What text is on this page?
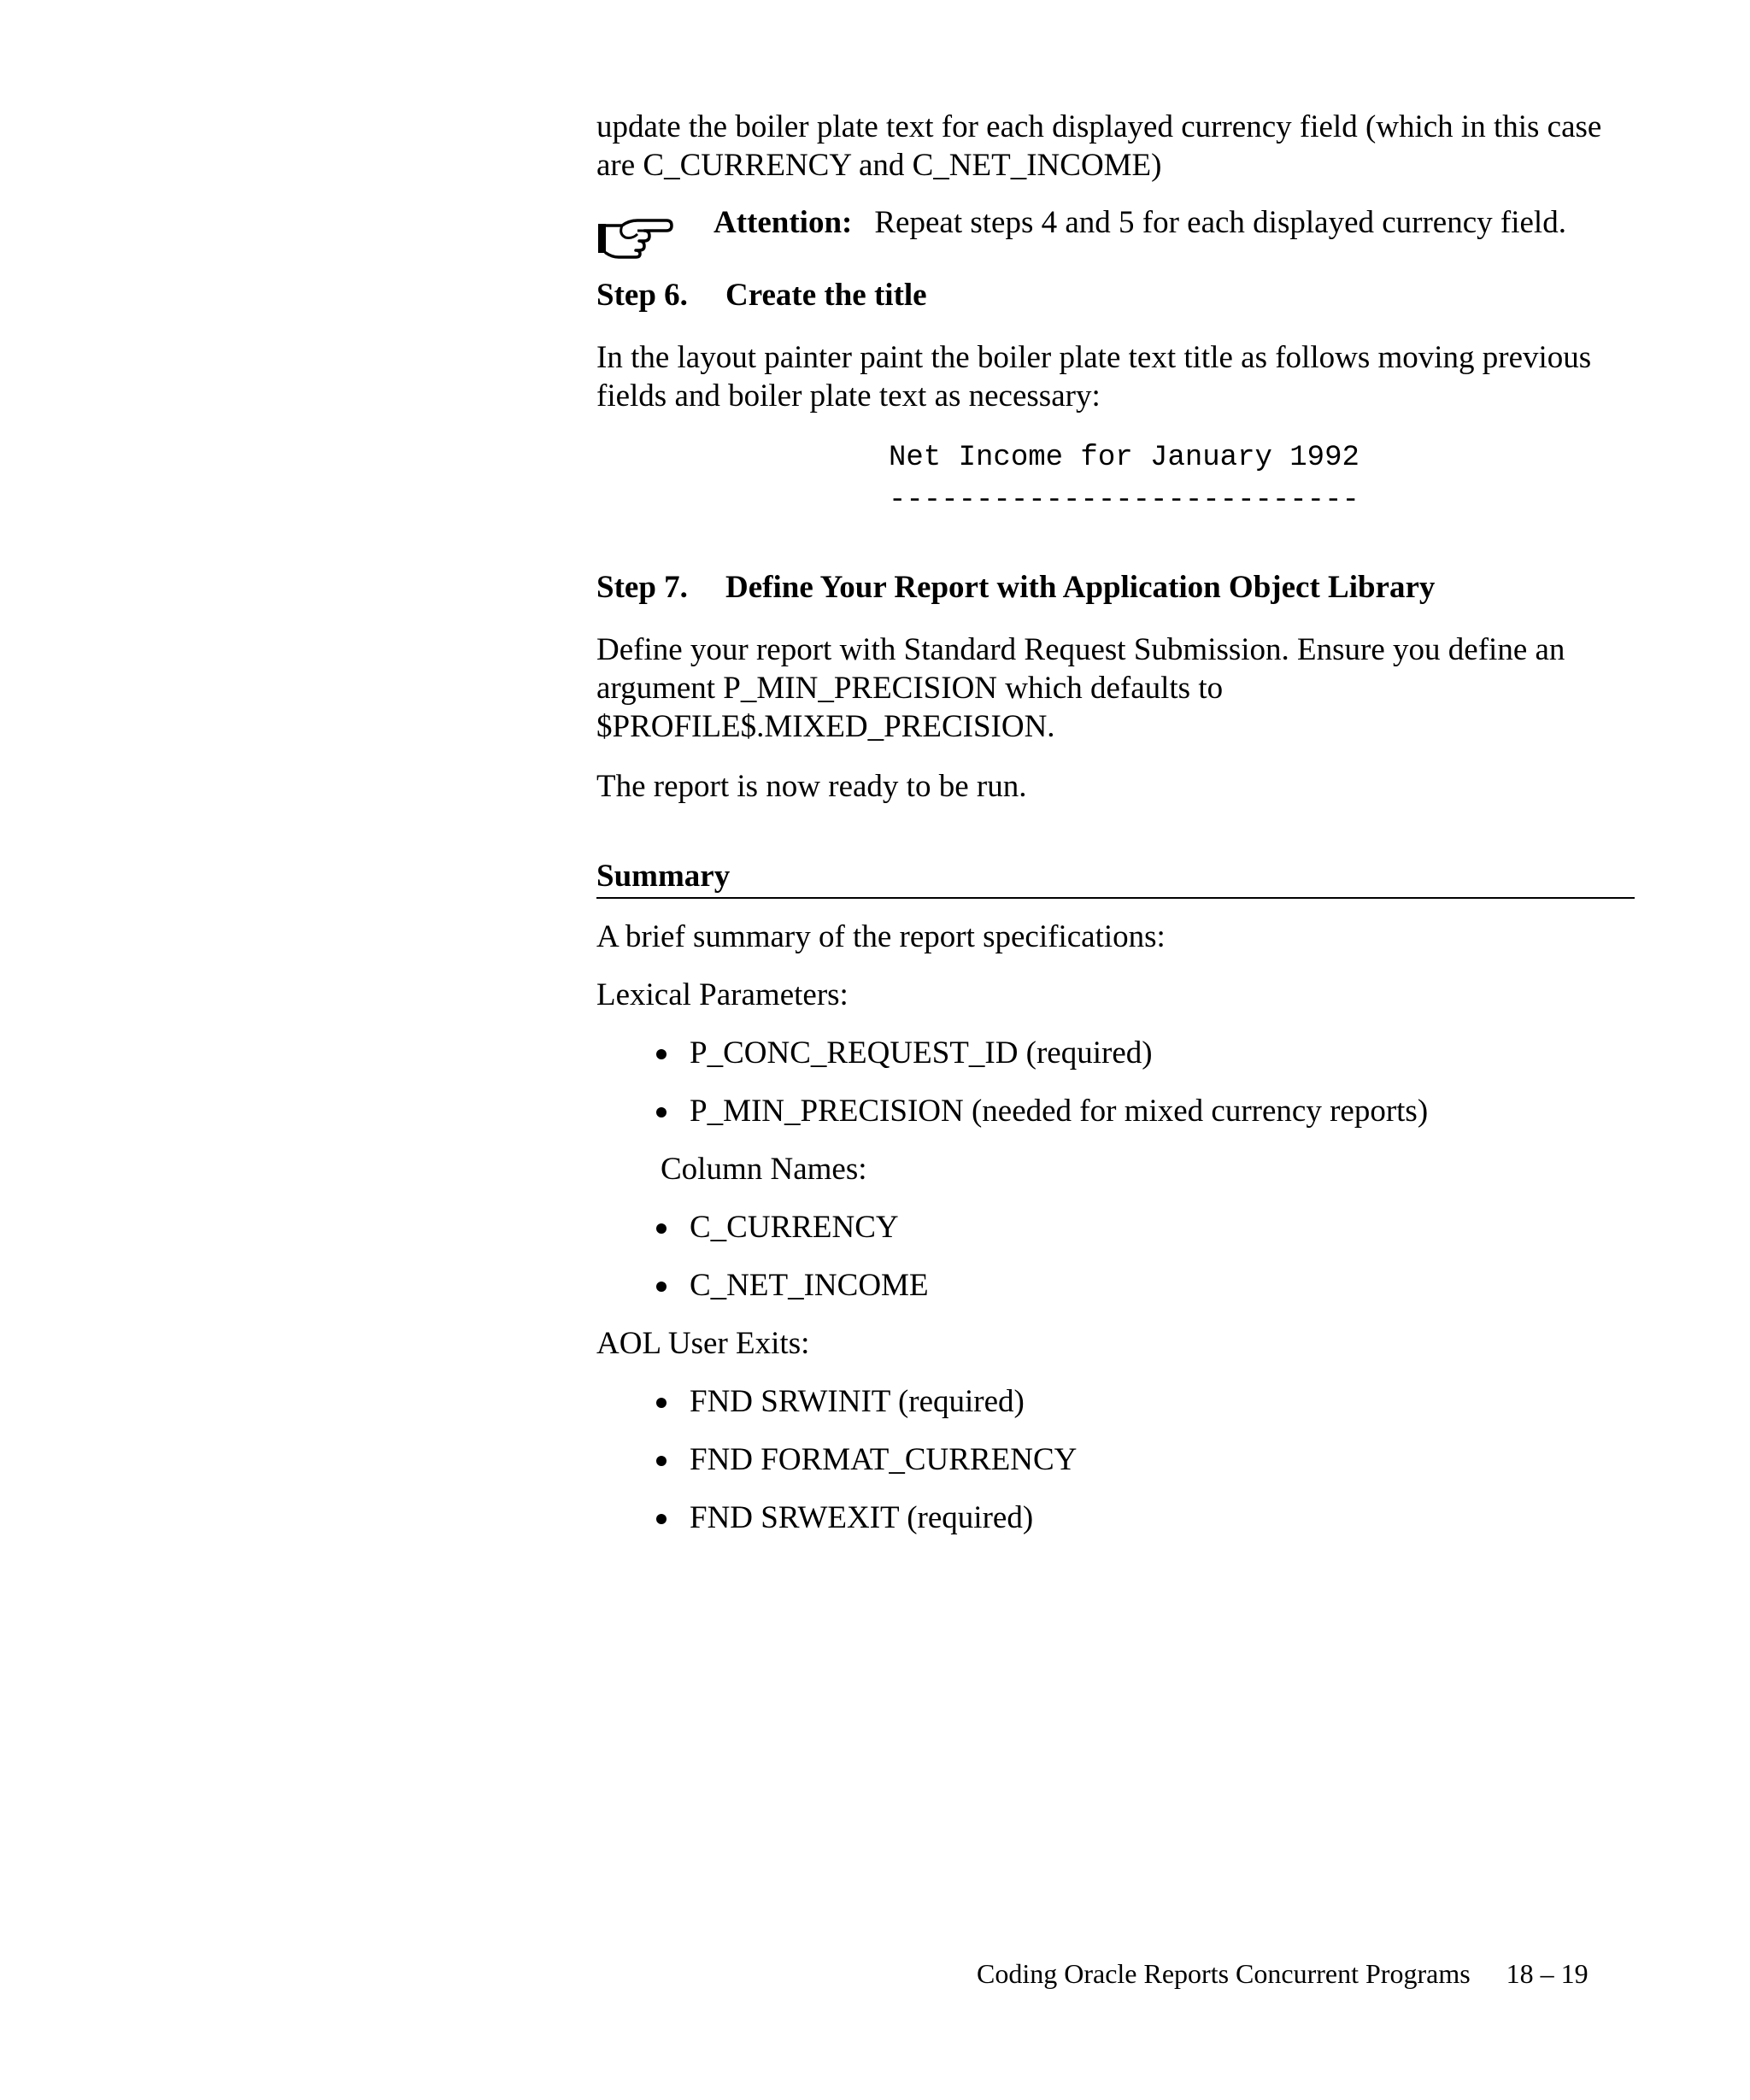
update the boiler plate text for each displayed currency field (which in this case are C_CURRENCY and C_NET_INCOME)

Attention: Repeat steps 4 and 5 for each displayed currency field.

Step 6. Create the title

In the layout painter paint the boiler plate text title as follows moving previous fields and boiler plate text as necessary:

Net Income for January 1992
---------------------------
Step 7. Define Your Report with Application Object Library

Define your report with Standard Request Submission. Ensure you define an argument P_MIN_PRECISION which defaults to $PROFILE$.MIXED_PRECISION.

The report is now ready to be run.

Summary

A brief summary of the report specifications:

Lexical Parameters:

P_CONC_REQUEST_ID (required)
P_MIN_PRECISION (needed for mixed currency reports)

Column Names:

C_CURRENCY
C_NET_INCOME

AOL User Exits:

FND SRWINIT (required)
FND FORMAT_CURRENCY
FND SRWEXIT (required)
Coding Oracle Reports Concurrent Programs 18 – 19
